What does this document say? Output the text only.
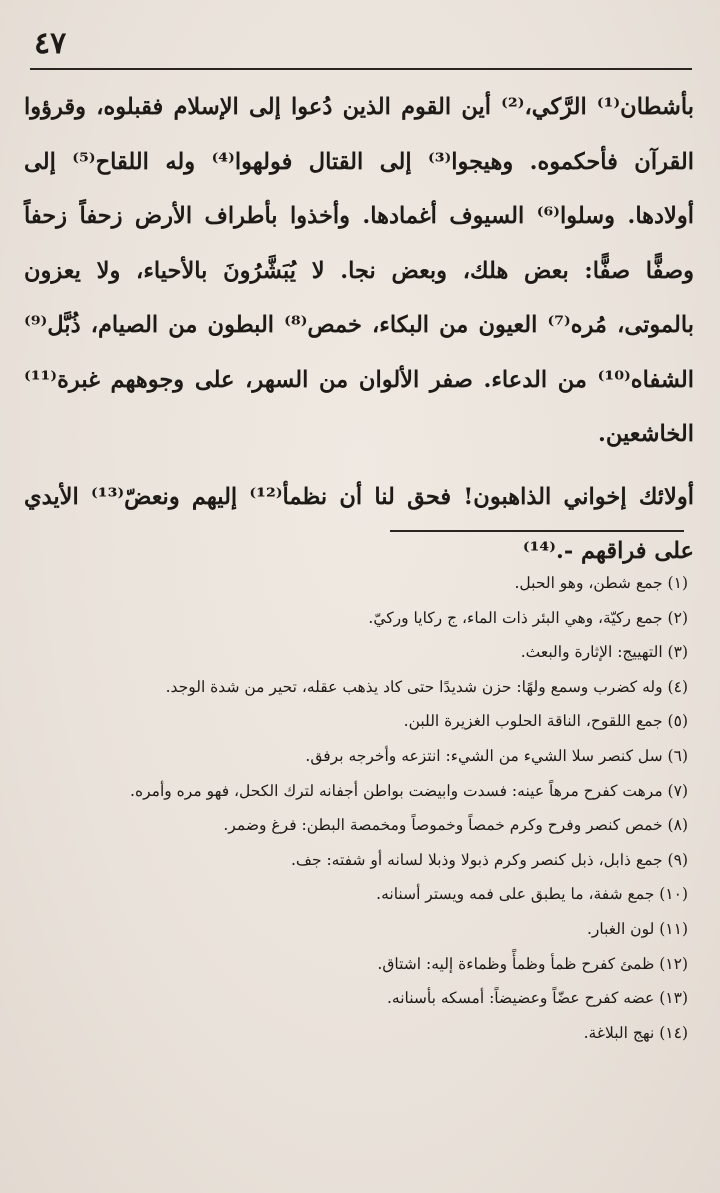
٤٧

بأشطان⁽¹⁾ الرَّكي،⁽²⁾ أين القوم الذين دُعوا إلى الإسلام فقبلوه، وقرؤوا القرآن فأحكموه. وهيجوا⁽³⁾ إلى القتال فولهوا⁽⁴⁾ وله اللقاح⁽⁵⁾ إلى أولادها. وسلوا⁽⁶⁾ السيوف أغمادها. وأخذوا بأطراف الأرض زحفاً زحفاً وصفًّا صفًّا: بعض هلك، وبعض نجا. لا يُبَشَّرُونَ بالأحياء، ولا يعزون بالموتى، مُره⁽⁷⁾ العيون من البكاء، خمص⁽⁸⁾ البطون من الصيام، ذُبَّل⁽⁹⁾ الشفاه⁽¹⁰⁾ من الدعاء. صفر الألوان من السهر، على وجوههم غبرة⁽¹¹⁾ الخاشعين.

أولائك إخواني الذاهبون! فحق لنا أن نظمأ⁽¹²⁾ إليهم ونعضّ⁽¹³⁾ الأيدي على فراقهم -.⁽¹⁴⁾

(١) جمع شطن، وهو الحبل.
(٢) جمع ركيّة، وهي البئر ذات الماء، ج ركايا وركيّ.
(٣) التهييج: الإثارة والبعث.
(٤) وله كضرب وسمع ولهًا: حزن شديدًا حتى كاد يذهب عقله، تحير من شدة الوجد.
(٥) جمع اللقوح، الناقة الحلوب الغزيرة اللبن.
(٦) سل كنصر سلا الشيء من الشيء: انتزعه وأخرجه برفق.
(٧) مرهت كفرح مرهاً عينه: فسدت وابيضت بواطن أجفانه لترك الكحل، فهو مره وأمره.
(٨) خمص كنصر وفرح وكرم خمصاً وخموصاً ومخمصة البطن: فرغ وضمر.
(٩) جمع ذابل، ذبل كنصر وكرم ذبولا وذبلا لسانه أو شفته: جف.
(١٠) جمع شفة، ما يطبق على فمه ويستر أسنانه.
(١١) لون الغبار.
(١٢) ظمئ كفرح ظمأ وظمأً وظماءة إليه: اشتاق.
(١٣) عضه كفرح عضّاً وعضيضاً: أمسكه بأسنانه.
(١٤) نهج البلاغة.
